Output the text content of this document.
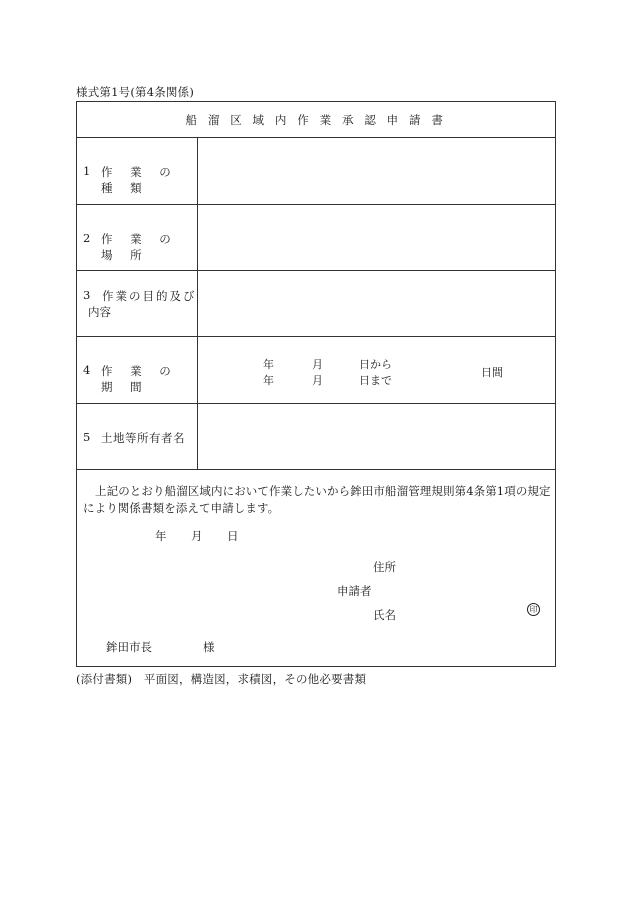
様式第1号(第4条関係)
船 溜 区 域 内 作 業 承 認 申 請 書
1 作 業 の 種 類
2 作 業 の 場 所
3 作業の目的及び
内容
4 作 業 の 期 間
年	月	日から
年	月	日まで
日間
5 土地等所有者名
上記のとおり船溜区域内において作業したいから鉾田市船溜管理規則第4条第1項の規定により関係書類を添えて申請します。
年 月 日
住所
申請者
氏名	印
鉾田市長	様
(添付書類)　平面図，構造図，求積図，その他必要書類
